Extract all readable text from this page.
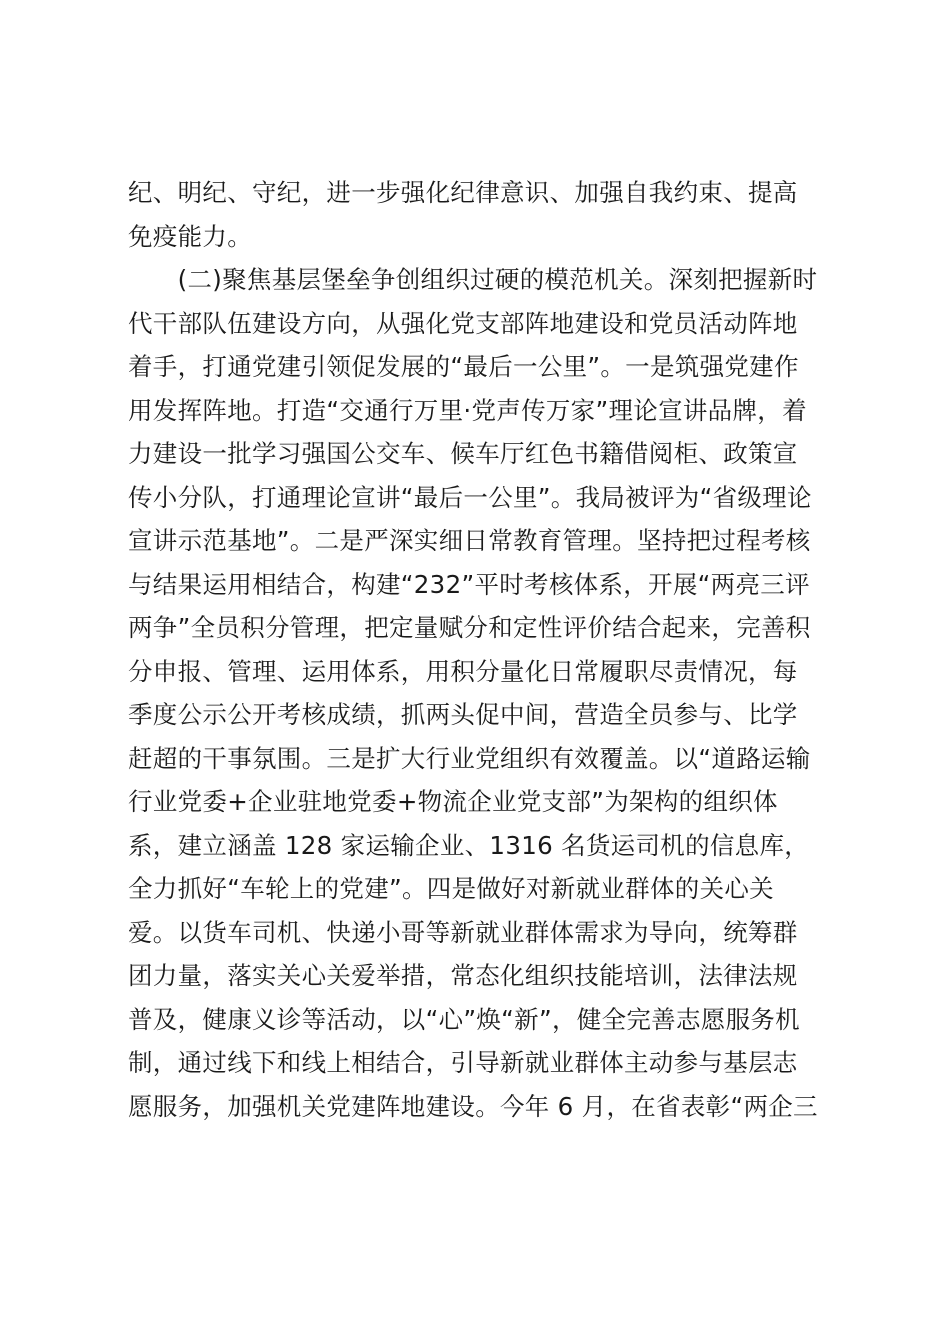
纪、明纪、守纪，进一步强化纪律意识、加强自我约束、提高
免疫能力。
　　(二)聚焦基层堡垒争创组织过硬的模范机关。深刻把握新时
代干部队伍建设方向，从强化党支部阵地建设和党员活动阵地
着手，打通党建引领促发展的“最后一公里”。一是筑强党建作
用发挥阵地。打造“交通行万里·党声传万家”理论宣讲品牌，着
力建设一批学习强国公交车、候车厅红色书籍借阅柜、政策宣
传小分队，打通理论宣讲“最后一公里”。我局被评为“省级理论
宣讲示范基地”。二是严深实细日常教育管理。坚持把过程考核
与结果运用相结合，构建“232”平时考核体系，开展“两亮三评
两争”全员积分管理，把定量赋分和定性评价结合起来，完善积
分申报、管理、运用体系，用积分量化日常履职尽责情况，每
季度公示公开考核成绩，抓两头促中间，营造全员参与、比学
赶超的干事氛围。三是扩大行业党组织有效覆盖。以“道路运输
行业党委+企业驻地党委+物流企业党支部”为架构的组织体
系，建立涵盖 128 家运输企业、1316 名货运司机的信息库，
全力抓好“车轮上的党建”。四是做好对新就业群体的关心关
爱。以货车司机、快递小哥等新就业群体需求为导向，统筹群
团力量，落实关心关爱举措，常态化组织技能培训，法律法规
普及，健康义诊等活动，以“心”焕“新”，健全完善志愿服务机
制，通过线下和线上相结合，引导新就业群体主动参与基层志
愿服务，加强机关党建阵地建设。今年 6 月，在省表彰“两企三
